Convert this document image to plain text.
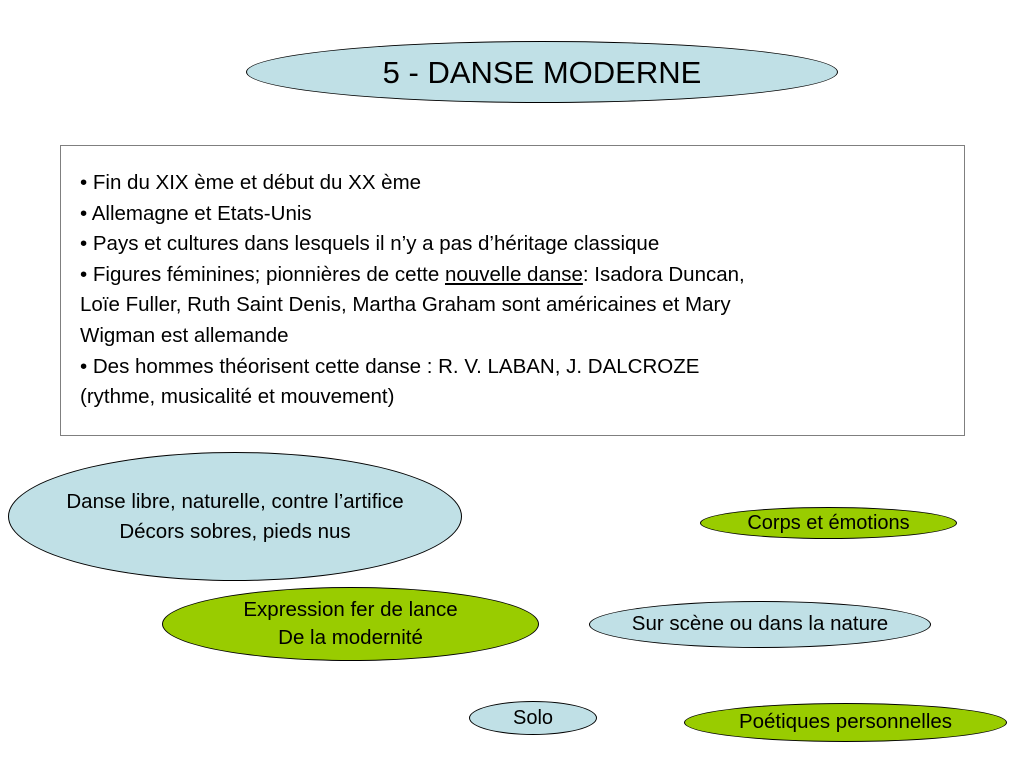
5 - DANSE MODERNE
• Fin du XIX ème et début du XX ème
• Allemagne et Etats-Unis
• Pays et cultures dans lesquels il n’y a pas d’héritage classique
• Figures féminines; pionnières de cette nouvelle danse: Isadora Duncan,
Loïe Fuller, Ruth Saint Denis, Martha Graham sont américaines et Mary
Wigman est allemande
• Des hommes théorisent cette danse : R. V. LABAN, J. DALCROZE
(rythme, musicalité et mouvement)
Danse libre, naturelle, contre l’artifice
Décors sobres, pieds nus	Corps et émotions
Expression fer de lance
De la modernité
Sur scène ou dans la nature
Solo	Poétiques personnelles
